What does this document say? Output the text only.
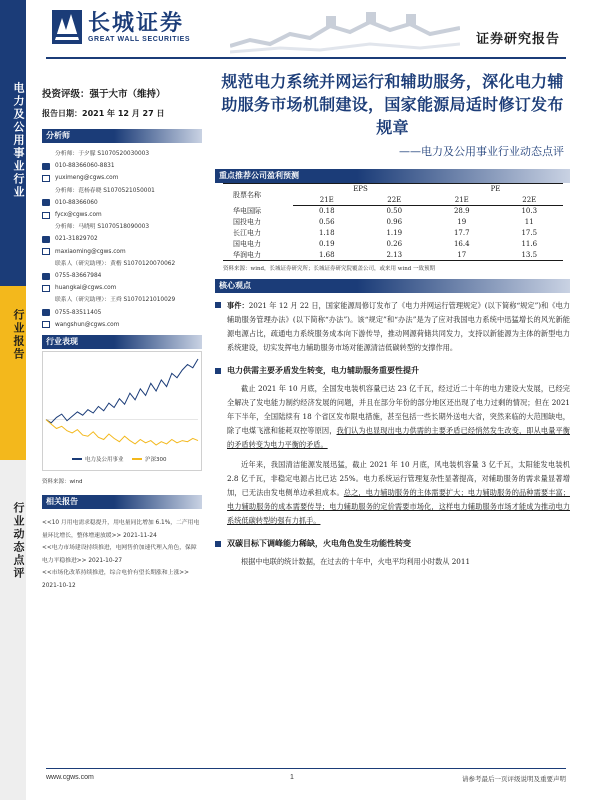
电力及公用事业行业
行业报告
行业动态点评
长城证券
GREAT WALL SECURITIES	证券研究报告
投资评级：强于大市（维持）
报告日期：2021 年 12 月 27 日
分析师
分析师：于夕朦 S1070520030003
010-88366060-8831
yuximeng@cgws.com
分析师：范杨春晓 S1070521050001
010-88366060
fycx@cgws.com
分析师：马晓明 S1070518090003
021-31829702
maxiaoming@cgws.com
联系人（研究助理）：黄楷 S1070120070062
0755-83667984
huangkai@cgws.com
联系人（研究助理）：王舜 S1070121010029
0755-83511405
wangshun@cgws.com
行业表现
电力及公用事业	沪深300
资料来源：wind
相关报告

<<10 月用电需求稳提升，用电量同比增加 6.1%，二产用电量环比增长，整体增速放缓>> 2021-11-24

<<电力市场建设持续推进，电网售价加速代理入角色，保障电力平稳推进>> 2021-10-27

<<市场化改革持续推进，综合电价有望长期涨和上涨>> 2021-10-12

规范电力系统并网运行和辅助服务，深化电力辅助服务市场机制建设，国家能源局适时修订发布规章
——电力及公用事业行业动态点评
重点推荐公司盈利预测
股票名称	EPS		PE	
	21E	22E	21E	22E
华电国际	0.18	0.50	28.9	10.3
国投电力	0.56	0.96	19	11
长江电力	1.18	1.19	17.7	17.5
国电电力	0.19	0.26	16.4	11.6
华润电力	1.68	2.13	17	13.5
资料来源：wind，长城证券研究所；长城证券研究院覆盖公司，或来用 wind 一致预期
核心观点
事件：2021 年 12 月 22 日，国家能源局修订发布了《电力并网运行管理规定》(以下简称“规定”)和《电力辅助服务管理办法》(以下简称“办法”)。该“规定”和“办法”是为了应对我国电力系统中迅猛增长的风光新能源电源占比，疏通电力系统服务成本向下游传导，推动网源荷储共同发力，支持以新能源为主体的新型电力系统建设，切实发挥电力辅助服务市场对能源清洁低碳转型的支撑作用。
电力供需主要矛盾发生转变，电力辅助服务重要性提升
截止 2021 年 10 月底，全国发电装机容量已达 23 亿千瓦，经过近二十年的电力建设大发展，已经完全解决了发电能力制约经济发展的问题，并且在部分年份的部分地区还出现了电力过剩的情况；但在 2021 年下半年，全国陆续有 18 个省区发布限电措施，甚至包括一些长期外送电大省，突然来临的大范围缺电，除了电煤飞涨和能耗双控等原因，我们认为也显现出电力供需的主要矛盾已经悄然发生改变，即从电量平衡的矛盾转变为电力平衡的矛盾。
近年来，我国清洁能源发展迅猛，截止 2021 年 10 月底，风电装机容量 3 亿千瓦，太阳能发电装机 2.8 亿千瓦，非稳定电源占比已达 25%。电力系统运行管理复杂性显著提高，对辅助服务的需求量显著增加，已无法由发电侧单边承担成本。总之，电力辅助服务的主体需要扩大；电力辅助服务的品种需要丰富；电力辅助服务的成本需要传导；电力辅助服务的定价需要市场化，这样电力辅助服务市场才能成为推动电力系统低碳转型的强有力抓手。
双碳目标下调峰能力稀缺，火电角色发生功能性转变
根据中电联的统计数据，在过去的十年中，火电平均利用小时数从 2011
www.cgws.com	1	请参考最后一页评级说明及重要声明
